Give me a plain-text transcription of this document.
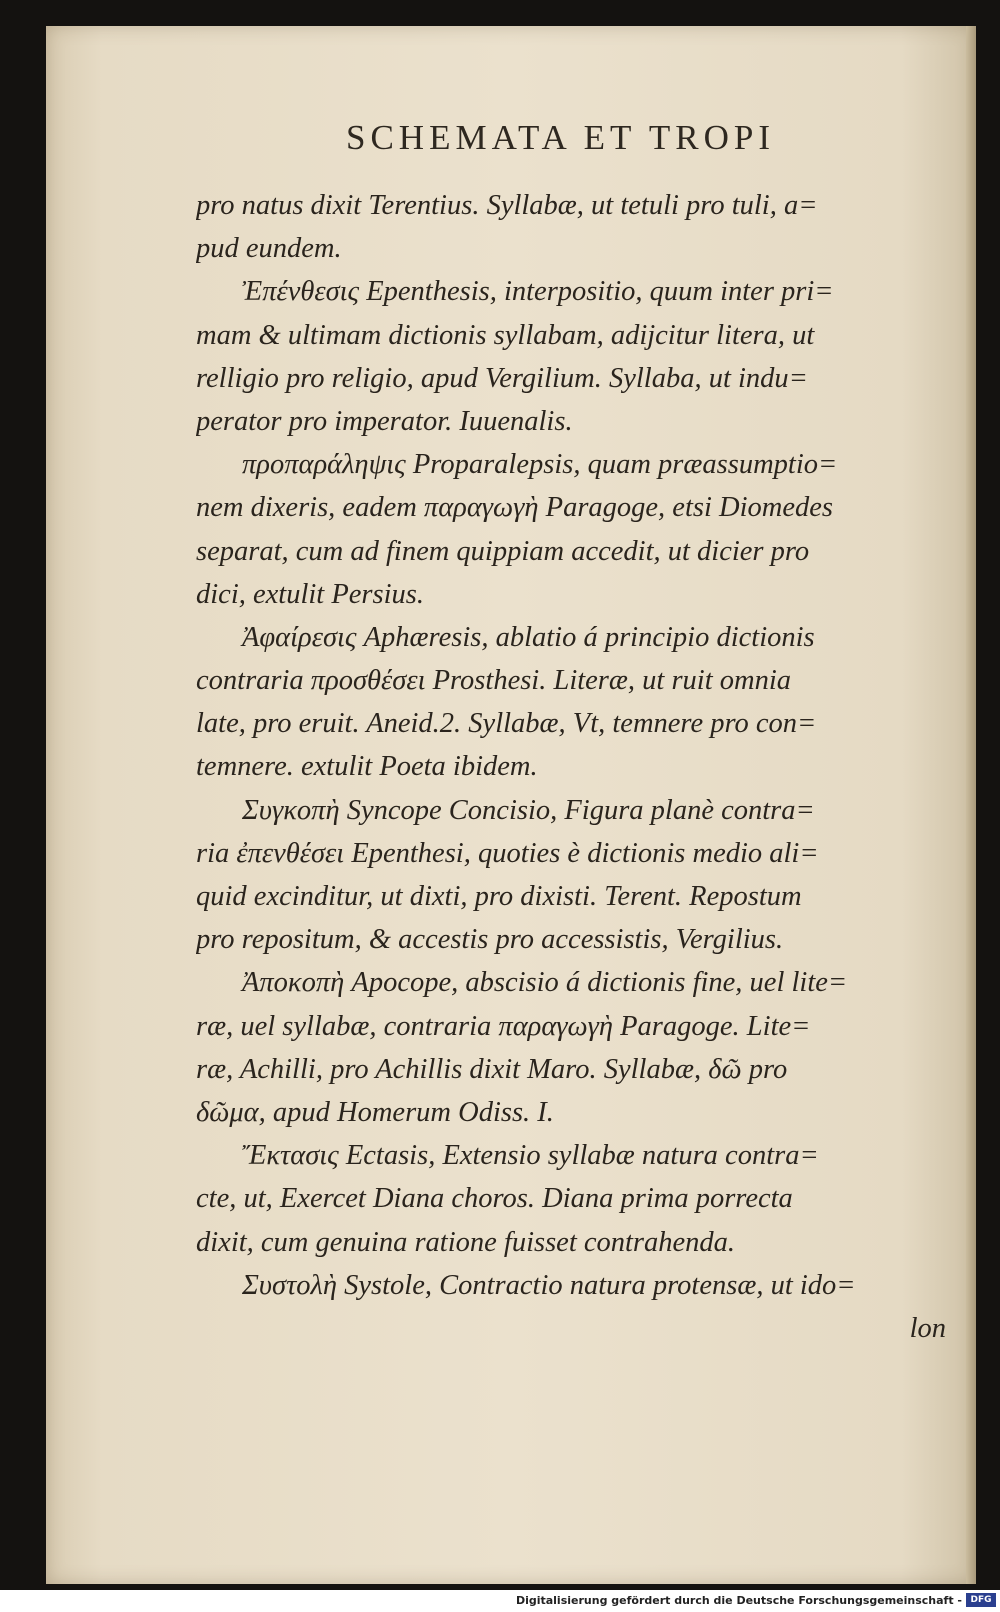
SCHEMATA ET TROPI
pro natus dixit Terentius. Syllabæ, ut tetuli pro tuli, a=
pud eundem.
Ἐπένθεσις Epenthesis, interpositio, quum inter pri=
mam & ultimam dictionis syllabam, adijcitur litera, ut
relligio pro religio, apud Vergilium. Syllaba, ut indu=
perator pro imperator. Iuuenalis.
προπαράληψις Proparalepsis, quam præassumptio=
nem dixeris, eadem παραγωγὴ Paragoge, etsi Diomedes
separat, cum ad finem quippiam accedit, ut dicier pro
dici, extulit Persius.
Ἀφαίρεσις Aphæresis, ablatio á principio dictionis
contraria προσθέσει Prosthesi. Literæ, ut ruit omnia
late, pro eruit. Aneid.2. Syllabæ, Vt, temnere pro con=
temnere. extulit Poeta ibidem.
Συγκοπὴ Syncope Concisio, Figura planè contra=
ria ἐπενθέσει Epenthesi, quoties è dictionis medio ali=
quid excinditur, ut dixti, pro dixisti. Terent. Repostum
pro repositum, & accestis pro accessistis, Vergilius.
Ἀποκοπὴ Apocope, abscisio á dictionis fine, uel lite=
ræ, uel syllabæ, contraria παραγωγὴ Paragoge. Lite=
ræ, Achilli, pro Achillis dixit Maro. Syllabæ, δῶ pro
δῶμα, apud Homerum Odiss. I.
Ἔκτασις Ectasis, Extensio syllabæ natura contra=
cte, ut, Exercet Diana choros. Diana prima porrecta
dixit, cum genuina ratione fuisset contrahenda.
Συστολὴ Systole, Contractio natura protensæ, ut ido=
lon
Digitalisierung gefördert durch die Deutsche Forschungsgemeinschaft - DFG
